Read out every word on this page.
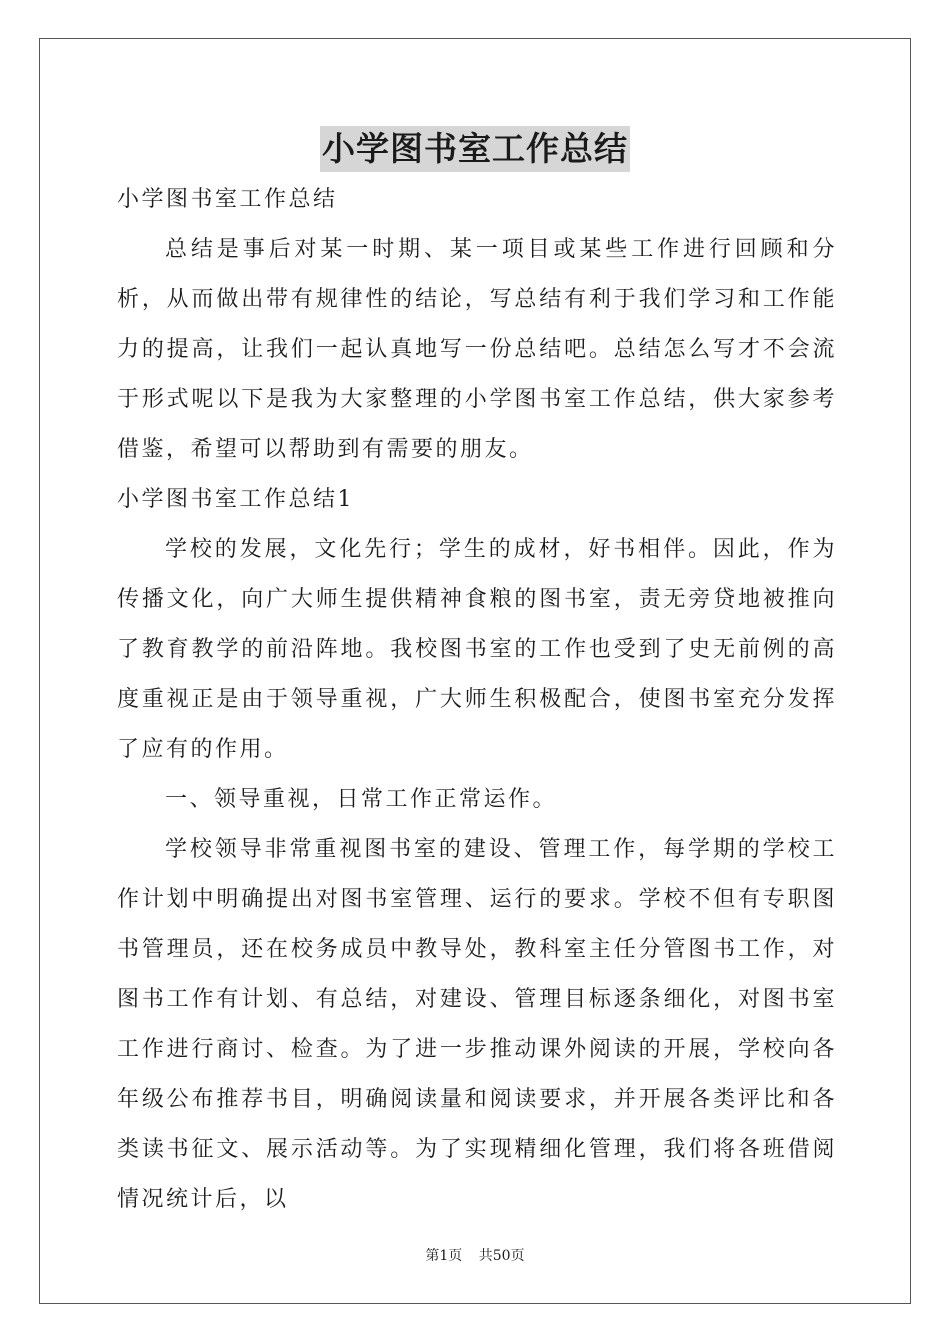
小学图书室工作总结

小学图书室工作总结

总结是事后对某一时期、某一项目或某些工作进行回顾和分析，从而做出带有规律性的结论，写总结有利于我们学习和工作能力的提高，让我们一起认真地写一份总结吧。总结怎么写才不会流于形式呢以下是我为大家整理的小学图书室工作总结，供大家参考借鉴，希望可以帮助到有需要的朋友。

小学图书室工作总结1

学校的发展，文化先行；学生的成材，好书相伴。因此，作为传播文化，向广大师生提供精神食粮的图书室，责无旁贷地被推向了教育教学的前沿阵地。我校图书室的工作也受到了史无前例的高度重视正是由于领导重视，广大师生积极配合，使图书室充分发挥了应有的作用。

一、领导重视，日常工作正常运作。

学校领导非常重视图书室的建设、管理工作，每学期的学校工作计划中明确提出对图书室管理、运行的要求。学校不但有专职图书管理员，还在校务成员中教导处，教科室主任分管图书工作，对图书工作有计划、有总结，对建设、管理目标逐条细化，对图书室工作进行商讨、检查。为了进一步推动课外阅读的开展，学校向各年级公布推荐书目，明确阅读量和阅读要求，并开展各类评比和各类读书征文、展示活动等。为了实现精细化管理，我们将各班借阅情况统计后，以

第1页 共50页
